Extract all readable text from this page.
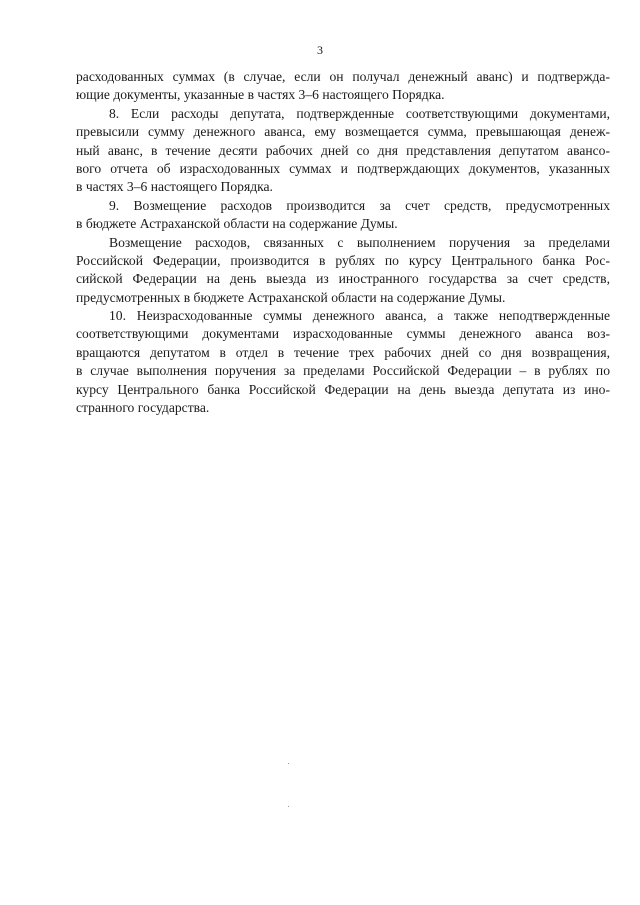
3
расходованных суммах (в случае, если он получал денежный аванс) и подтвержда-
ющие документы, указанные в частях 3–6 настоящего Порядка.
8. Если расходы депутата, подтвержденные соответствующими документами,
превысили сумму денежного аванса, ему возмещается сумма, превышающая денеж-
ный аванс, в течение десяти рабочих дней со дня представления депутатом авансо-
вого отчета об израсходованных суммах и подтверждающих документов, указанных
в частях 3–6 настоящего Порядка.
9. Возмещение расходов производится за счет средств, предусмотренных
в бюджете Астраханской области на содержание Думы.
Возмещение расходов, связанных с выполнением поручения за пределами
Российской Федерации, производится в рублях по курсу Центрального банка Рос-
сийской Федерации на день выезда из иностранного государства за счет средств,
предусмотренных в бюджете Астраханской области на содержание Думы.
10. Неизрасходованные суммы денежного аванса, а также неподтвержденные
соответствующими документами израсходованные суммы денежного аванса воз-
вращаются депутатом в отдел в течение трех рабочих дней со дня возвращения,
в случае выполнения поручения за пределами Российской Федерации – в рублях по
курсу Центрального банка Российской Федерации на день выезда депутата из ино-
странного государства.
